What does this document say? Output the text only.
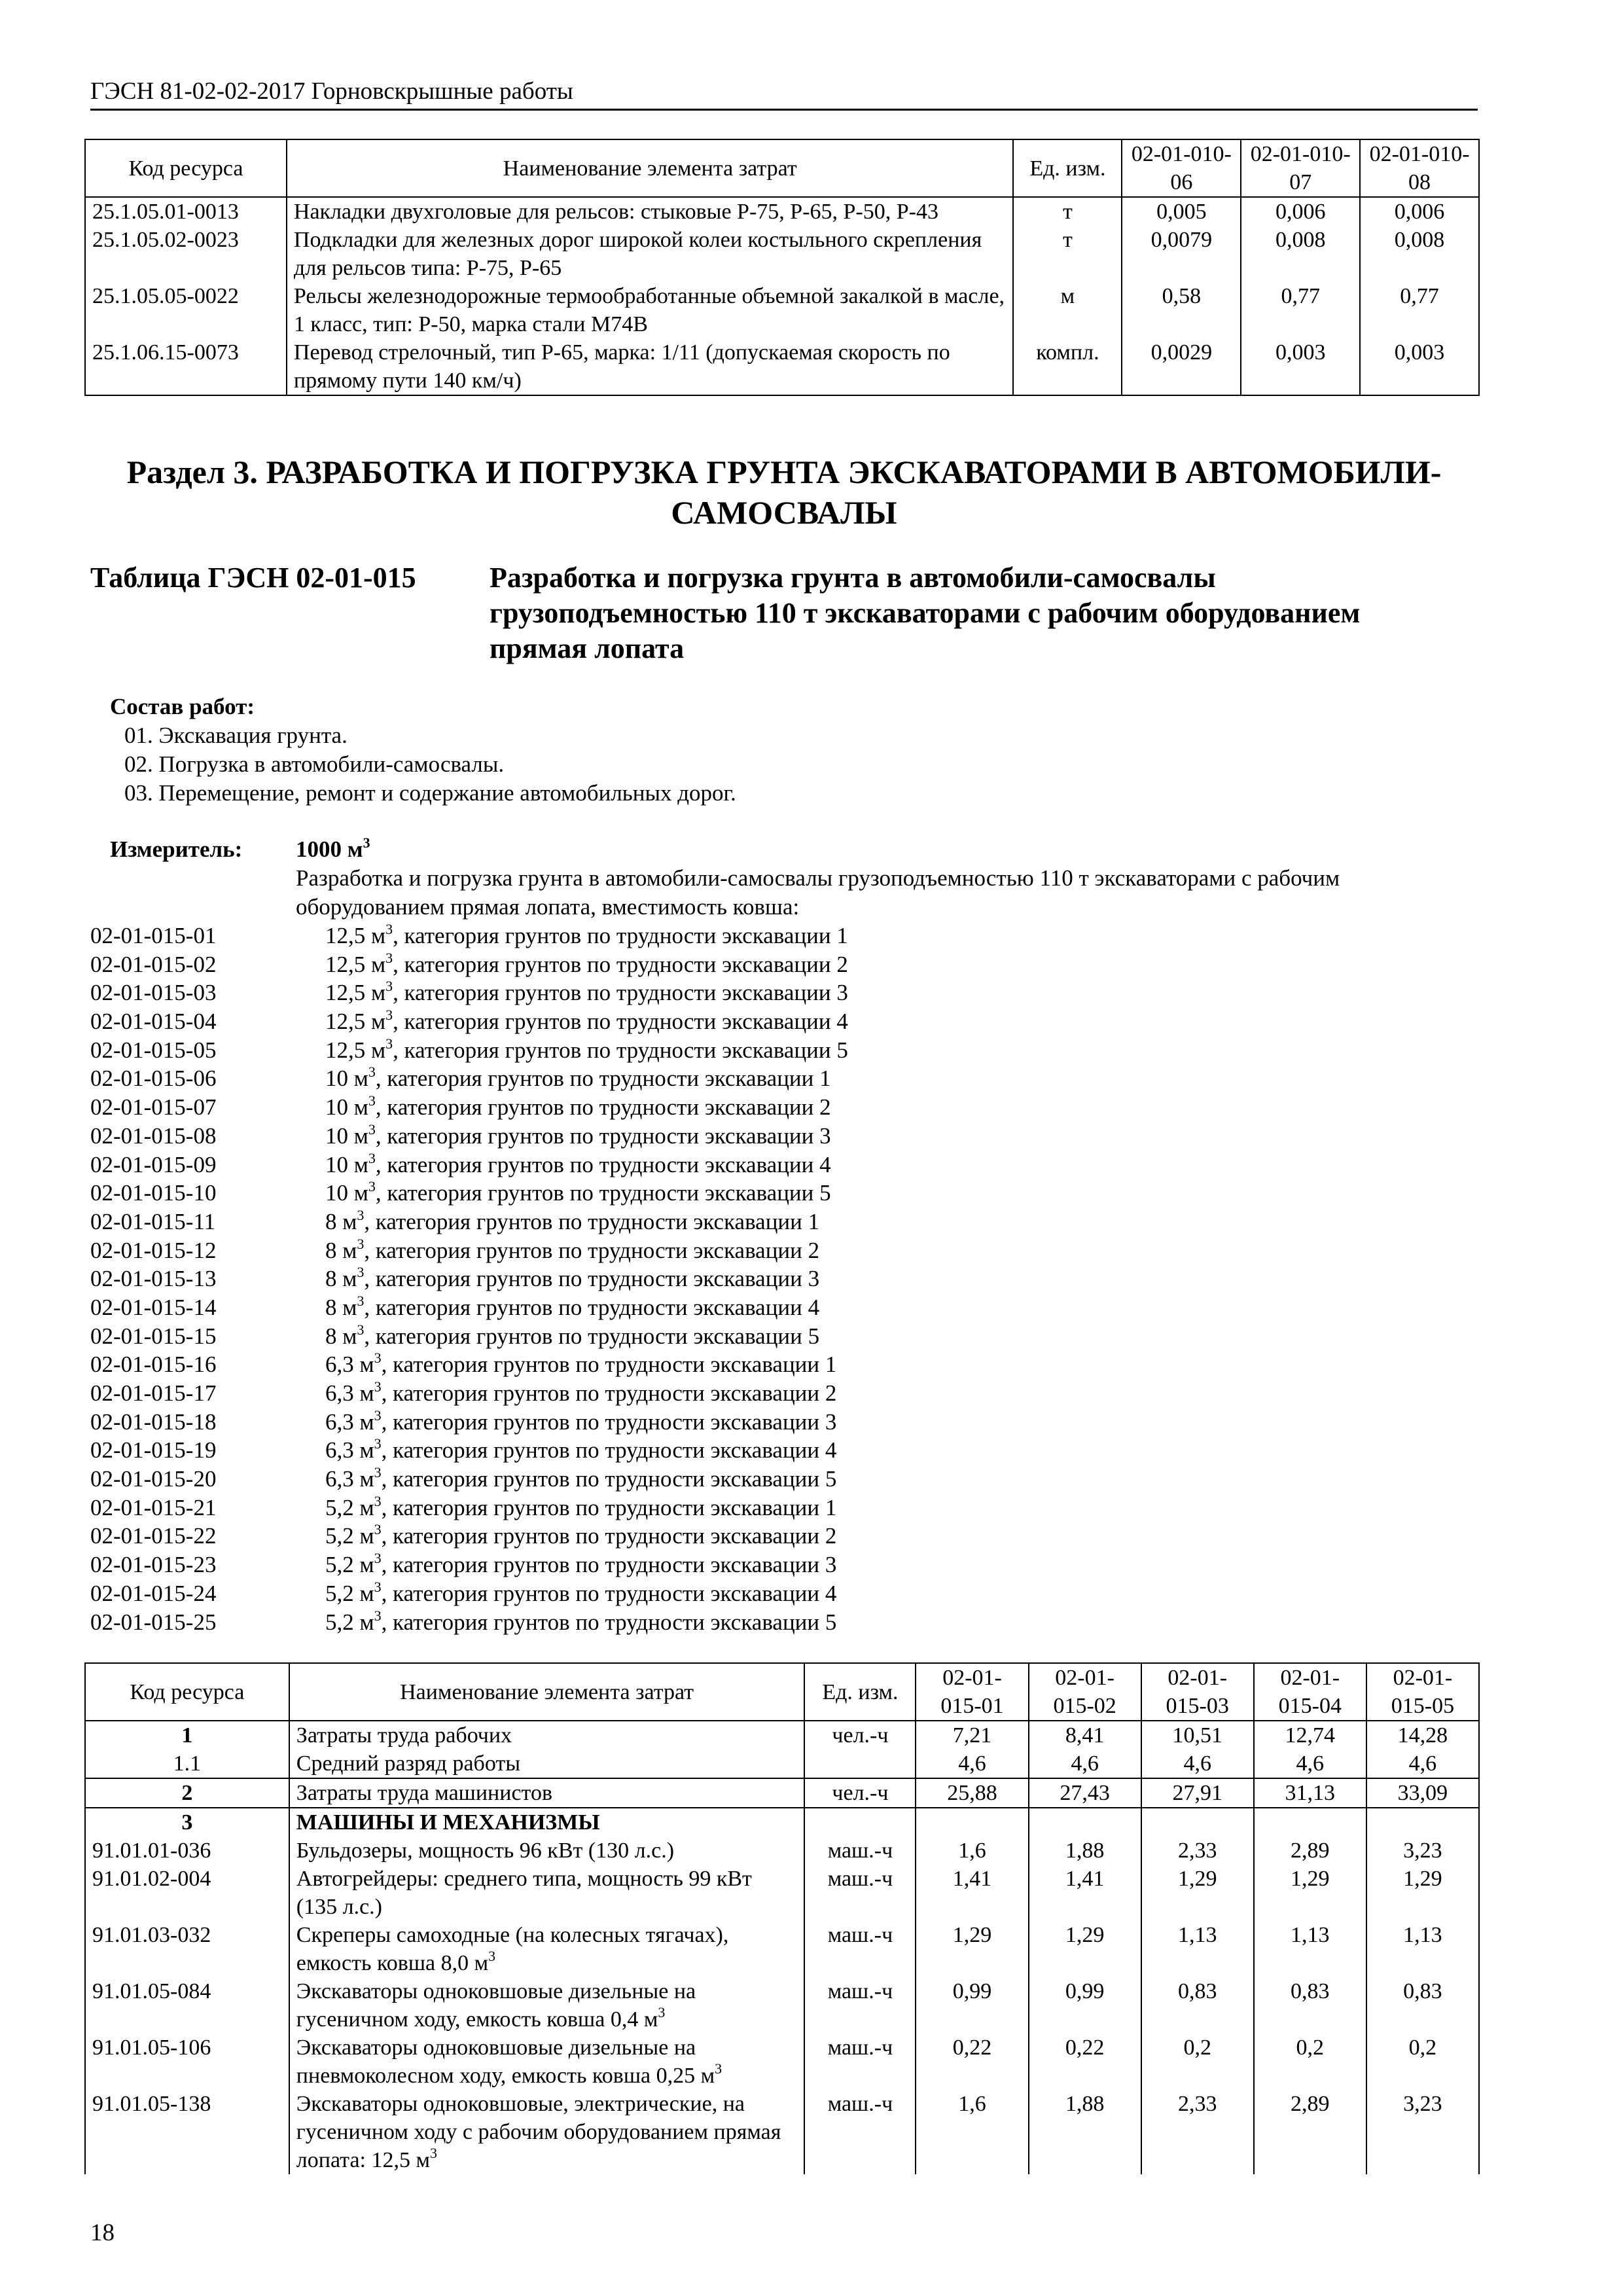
ГЭСН 81-02-02-2017 Горновскрышные работы
Код ресурса	Наименование элемента затрат	Ед. изм.	02-01-010-06	02-01-010-07	02-01-010-08
25.1.05.01-0013	Накладки двухголовые для рельсов: стыковые Р-75, Р-65, Р-50, Р-43	т	0,005	0,006	0,006
25.1.05.02-0023	Подкладки для железных дорог широкой колеи костыльного скрепления для рельсов типа: Р-75, Р-65	т	0,0079	0,008	0,008
25.1.05.05-0022	Рельсы железнодорожные термообработанные объемной закалкой в масле, 1 класс, тип: Р-50, марка стали М74В	м	0,58	0,77	0,77
25.1.06.15-0073	Перевод стрелочный, тип Р-65, марка: 1/11 (допускаемая скорость по прямому пути 140 км/ч)	компл.	0,0029	0,003	0,003
Раздел 3. РАЗРАБОТКА И ПОГРУЗКА ГРУНТА ЭКСКАВАТОРАМИ В АВТОМОБИЛИ-САМОСВАЛЫ
Таблица ГЭСН 02-01-015	Разработка и погрузка грунта в автомобили-самосвалы грузоподъемностью 110 т экскаваторами с рабочим оборудованием прямая лопата
Состав работ:
01. Экскавация грунта.
02. Погрузка в автомобили-самосвалы.
03. Перемещение, ремонт и содержание автомобильных дорог.
Измеритель: 1000 $м^3$
Разработка и погрузка грунта в автомобили-самосвалы грузоподъемностью 110 т экскаваторами с рабочим оборудованием прямая лопата, вместимость ковша:
02-01-015-01	12,5 $м^3$, категория грунтов по трудности экскавации 1
02-01-015-02	12,5 $м^3$, категория грунтов по трудности экскавации 2
02-01-015-03	12,5 $м^3$, категория грунтов по трудности экскавации 3
02-01-015-04	12,5 $м^3$, категория грунтов по трудности экскавации 4
02-01-015-05	12,5 $м^3$, категория грунтов по трудности экскавации 5
02-01-015-06	10 $м^3$, категория грунтов по трудности экскавации 1
02-01-015-07	10 $м^3$, категория грунтов по трудности экскавации 2
02-01-015-08	10 $м^3$, категория грунтов по трудности экскавации 3
02-01-015-09	10 $м^3$, категория грунтов по трудности экскавации 4
02-01-015-10	10 $м^3$, категория грунтов по трудности экскавации 5
02-01-015-11	8 $м^3$, категория грунтов по трудности экскавации 1
02-01-015-12	8 $м^3$, категория грунтов по трудности экскавации 2
02-01-015-13	8 $м^3$, категория грунтов по трудности экскавации 3
02-01-015-14	8 $м^3$, категория грунтов по трудности экскавации 4
02-01-015-15	8 $м^3$, категория грунтов по трудности экскавации 5
02-01-015-16	6,3 $м^3$, категория грунтов по трудности экскавации 1
02-01-015-17	6,3 $м^3$, категория грунтов по трудности экскавации 2
02-01-015-18	6,3 $м^3$, категория грунтов по трудности экскавации 3
02-01-015-19	6,3 $м^3$, категория грунтов по трудности экскавации 4
02-01-015-20	6,3 $м^3$, категория грунтов по трудности экскавации 5
02-01-015-21	5,2 $м^3$, категория грунтов по трудности экскавации 1
02-01-015-22	5,2 $м^3$, категория грунтов по трудности экскавации 2
02-01-015-23	5,2 $м^3$, категория грунтов по трудности экскавации 3
02-01-015-24	5,2 $м^3$, категория грунтов по трудности экскавации 4
02-01-015-25	5,2 $м^3$, категория грунтов по трудности экскавации 5
Код ресурса	Наименование элемента затрат	Ед. изм.	02-01-015-01	02-01-015-02	02-01-015-03	02-01-015-04	02-01-015-05
1	Затраты труда рабочих	чел.-ч	7,21	8,41	10,51	12,74	14,28
1.1	Средний разряд работы		4,6	4,6	4,6	4,6	4,6
2	Затраты труда машинистов	чел.-ч	25,88	27,43	27,91	31,13	33,09
3	МАШИНЫ И МЕХАНИЗМЫ						
91.01.01-036	Бульдозеры, мощность 96 кВт (130 л.с.)	маш.-ч	1,6	1,88	2,33	2,89	3,23
91.01.02-004	Автогрейдеры: среднего типа, мощность 99 кВт (135 л.с.)	маш.-ч	1,41	1,41	1,29	1,29	1,29
91.01.03-032	Скреперы самоходные (на колесных тягачах), емкость ковша 8,0 $м^3$	маш.-ч	1,29	1,29	1,13	1,13	1,13
91.01.05-084	Экскаваторы одноковшовые дизельные на гусеничном ходу, емкость ковша 0,4 $м^3$	маш.-ч	0,99	0,99	0,83	0,83	0,83
91.01.05-106	Экскаваторы одноковшовые дизельные на пневмоколесном ходу, емкость ковша 0,25 $м^3$	маш.-ч	0,22	0,22	0,2	0,2	0,2
91.01.05-138	Экскаваторы одноковшовые, электрические, на гусеничном ходу с рабочим оборудованием прямая лопата: 12,5 $м^3$	маш.-ч	1,6	1,88	2,33	2,89	3,23
18
